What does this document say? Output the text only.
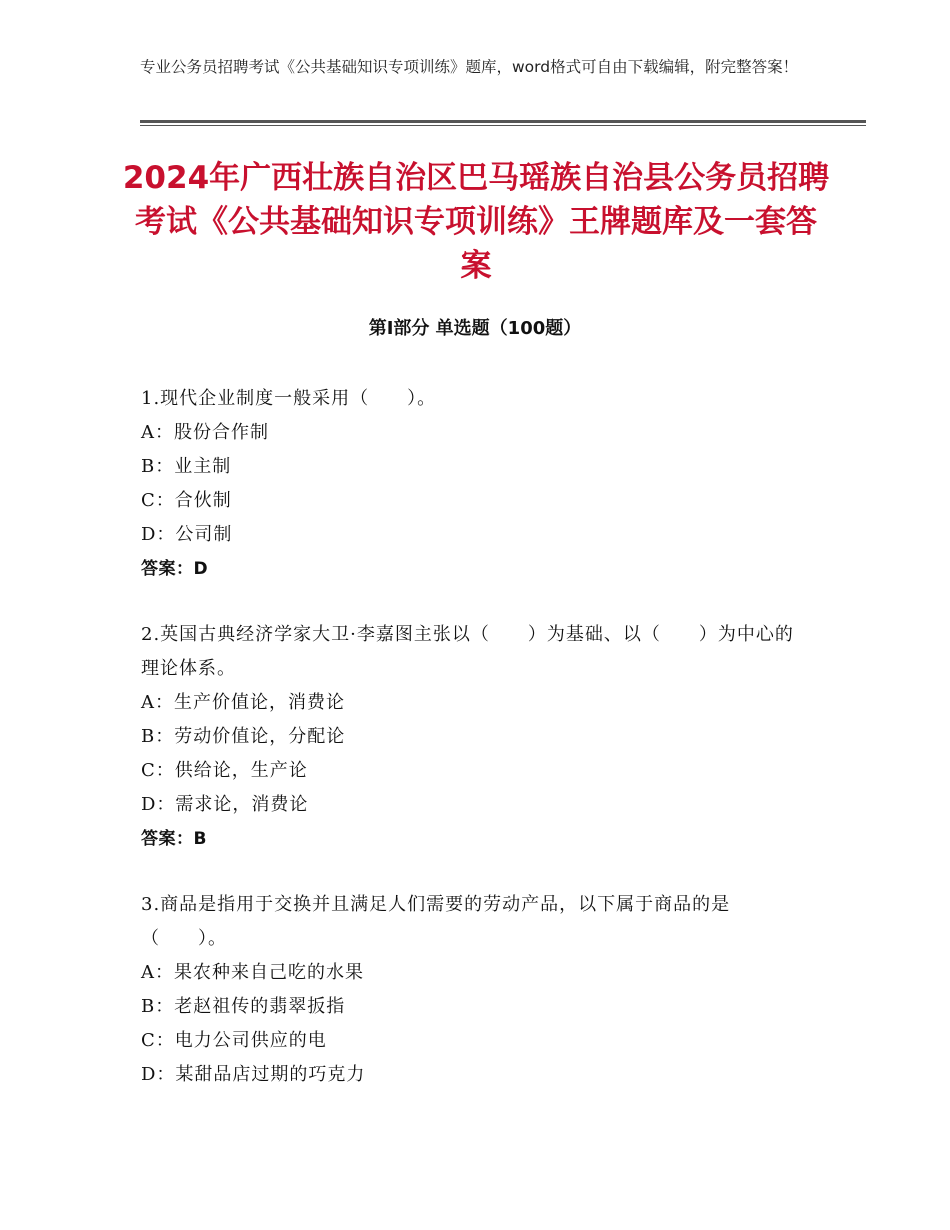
专业公务员招聘考试《公共基础知识专项训练》题库，word格式可自由下载编辑，附完整答案！
2024年广西壮族自治区巴马瑶族自治县公务员招聘考试《公共基础知识专项训练》王牌题库及一套答案
第Ⅰ部分 单选题（100题）
1.现代企业制度一般采用（　　）。
A：股份合作制
B：业主制
C：合伙制
D：公司制
答案：D
2.英国古典经济学家大卫·李嘉图主张以（　　）为基础、以（　　）为中心的理论体系。
A：生产价值论，消费论
B：劳动价值论，分配论
C：供给论，生产论
D：需求论，消费论
答案：B
3.商品是指用于交换并且满足人们需要的劳动产品，以下属于商品的是（　　）。
A：果农种来自己吃的水果
B：老赵祖传的翡翠扳指
C：电力公司供应的电
D：某甜品店过期的巧克力
